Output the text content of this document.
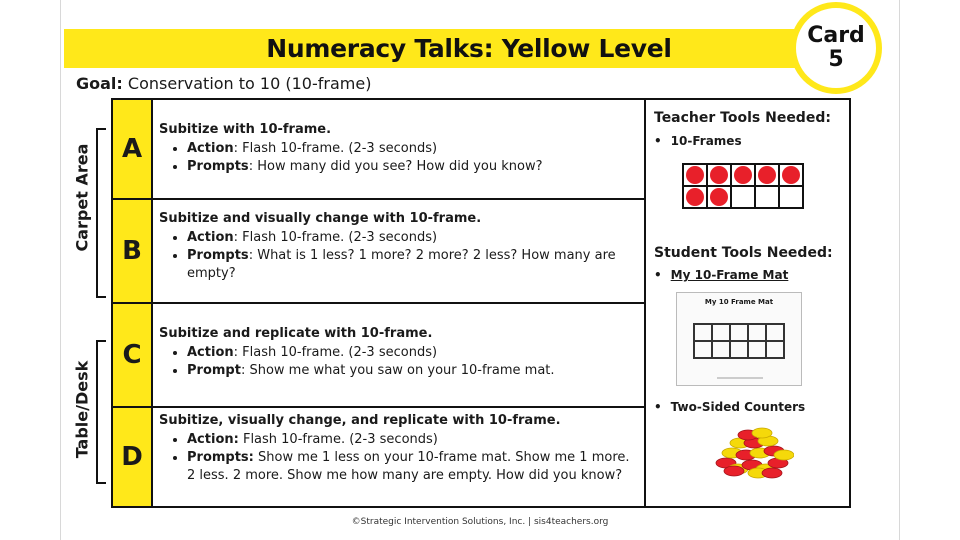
Numeracy Talks: Yellow Level	Card
5
Goal: Conservation to 10 (10-frame)
Carpet Area
Table/Desk
A
Subitize with 10-frame.
• Action: Flash 10-frame. (2-3 seconds)
• Prompts: How many did you see? How did you know?
B
Subitize and visually change with 10-frame.
• Action: Flash 10-frame. (2-3 seconds)
• Prompts: What is 1 less? 1 more? 2 more? 2 less? How many are empty?
C
Subitize and replicate with 10-frame.
• Action: Flash 10-frame. (2-3 seconds)
• Prompt: Show me what you saw on your 10-frame mat.
D
Subitize, visually change, and replicate with 10-frame.
• Action: Flash 10-frame. (2-3 seconds)
• Prompts: Show me 1 less on your 10-frame mat. Show me 1 more. 2 less. 2 more. Show me how many are empty. How did you know?
Teacher Tools Needed:
• 10-Frames
Student Tools Needed:
• My 10-Frame Mat
My 10 Frame Mat
• Two-Sided Counters
©Strategic Intervention Solutions, Inc. | sis4teachers.org
